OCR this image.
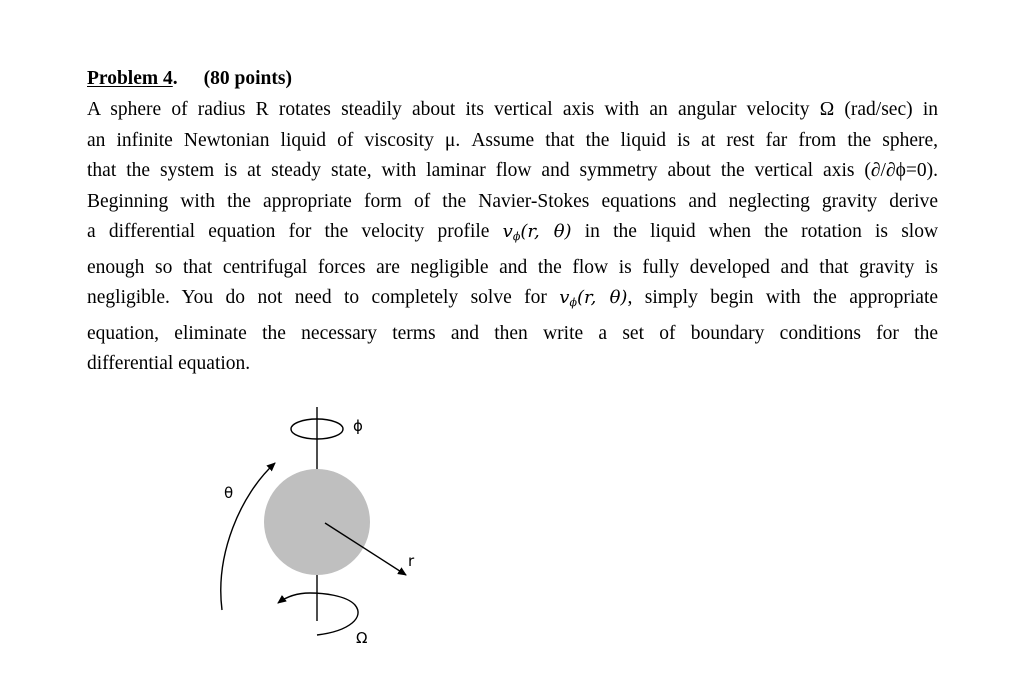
Problem 4. (80 points)
A sphere of radius R rotates steadily about its vertical axis with an angular velocity Ω (rad/sec) in
an infinite Newtonian liquid of viscosity μ. Assume that the liquid is at rest far from the sphere,
that the system is at steady state, with laminar flow and symmetry about the vertical axis (∂/∂ϕ=0).
Beginning with the appropriate form of the Navier-Stokes equations and neglecting gravity derive
a differential equation for the velocity profile $v_\phi(r$, θ) in the liquid when the rotation is slow
enough so that centrifugal forces are negligible and the flow is fully developed and that gravity is
negligible. You do not need to completely solve for $v_\phi(r$, θ), simply begin with the appropriate
equation, eliminate the necessary terms and then write a set of boundary conditions for the
differential equation.
ϕ
θ
r
Ω
